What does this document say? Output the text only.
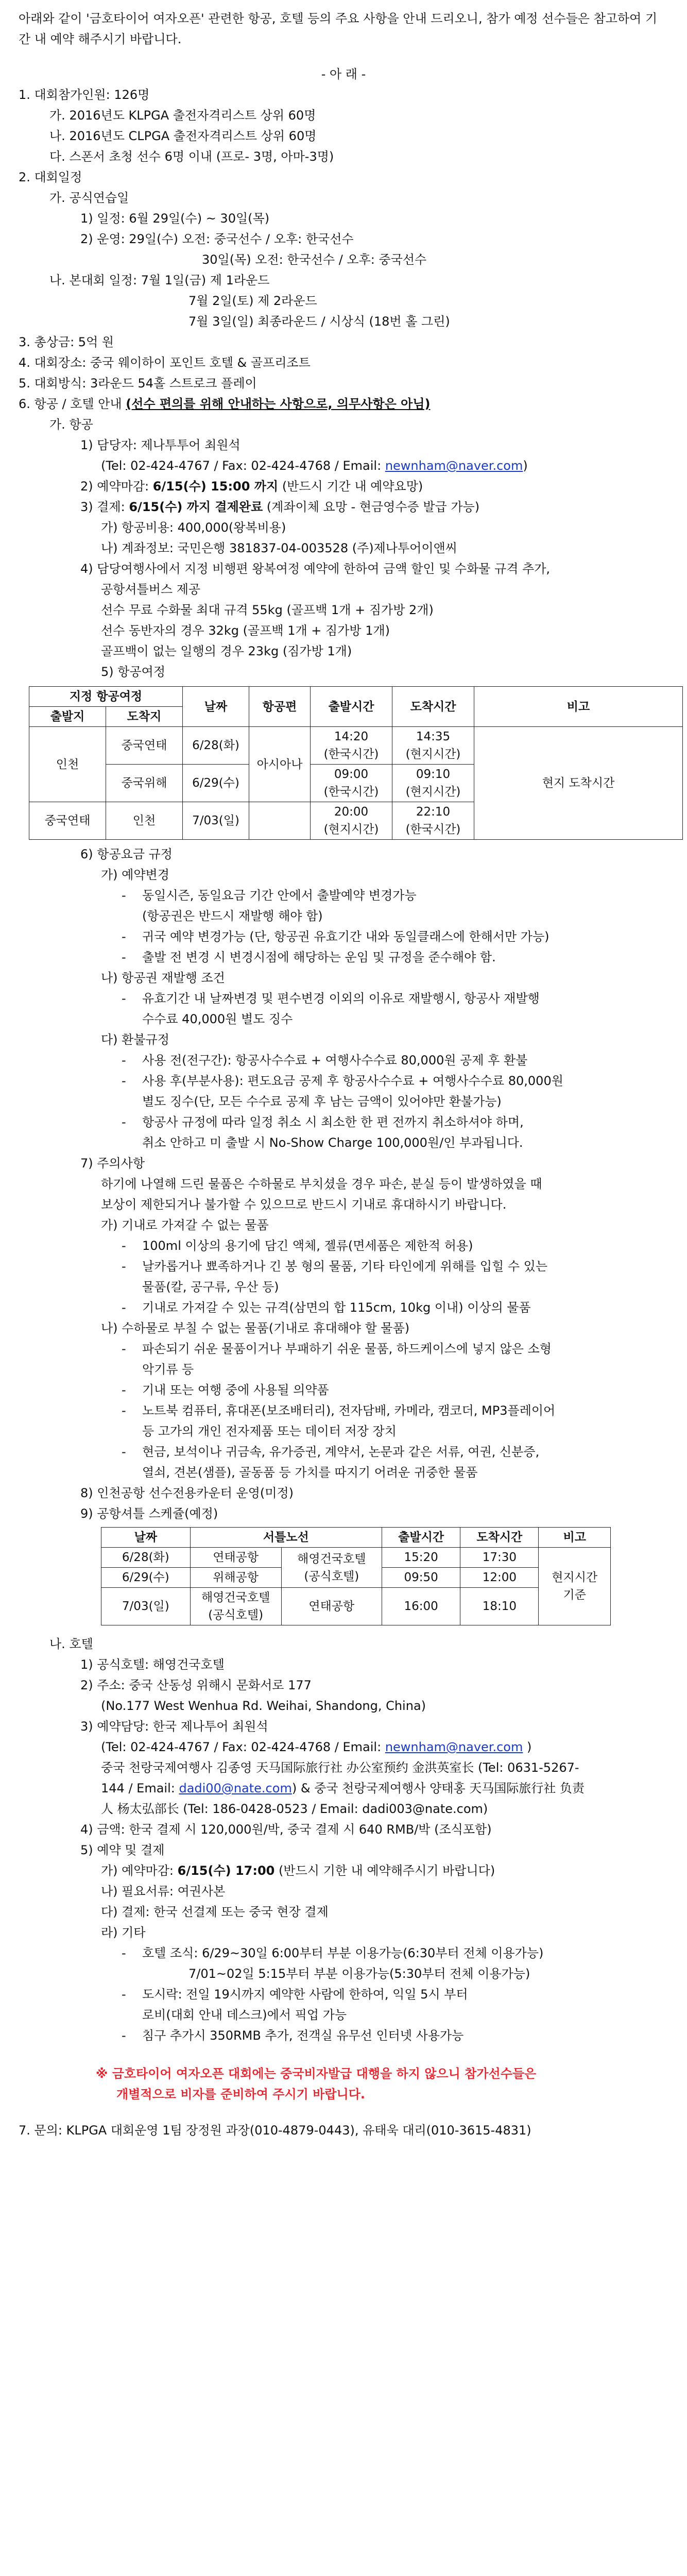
아래와 같이 '금호타이어 여자오픈' 관련한 항공, 호텔 등의 주요 사항을 안내 드리오니, 참가 예정 선수들은 참고하여 기간 내 예약 해주시기 바랍니다.

- 아 래 -

1. 대회참가인원: 126명

가. 2016년도 KLPGA 출전자격리스트 상위 60명

나. 2016년도 CLPGA 출전자격리스트 상위 60명

다. 스폰서 초청 선수 6명 이내 (프로- 3명, 아마-3명)

2. 대회일정

가. 공식연습일

1) 일정: 6월 29일(수) ~ 30일(목)

2) 운영: 29일(수) 오전: 중국선수 / 오후: 한국선수

30일(목) 오전: 한국선수 / 오후: 중국선수

나. 본대회 일정: 7월 1일(금) 제 1라운드

7월 2일(토) 제 2라운드

7월 3일(일) 최종라운드 / 시상식 (18번 홀 그린)

3. 총상금: 5억 원

4. 대회장소: 중국 웨이하이 포인트 호텔 & 골프리조트

5. 대회방식: 3라운드 54홀 스트로크 플레이

6. 항공 / 호텔 안내 (선수 편의를 위해 안내하는 사항으로, 의무사항은 아님)

가. 항공

1) 담당자: 제나투투어 최원석

(Tel: 02-424-4767 / Fax: 02-424-4768 / Email: newnham@naver.com)

2) 예약마감: 6/15(수) 15:00 까지 (반드시 기간 내 예약요망)

3) 결제: 6/15(수) 까지 결제완료 (계좌이체 요망 - 현금영수증 발급 가능)

가) 항공비용: 400,000(왕복비용)

나) 계좌정보: 국민은행 381837-04-003528 (주)제나투어이앤씨

4) 담당여행사에서 지정 비행편 왕복여정 예약에 한하여 금액 할인 및 수화물 규격 추가,

공항셔틀버스 제공

선수 무료 수화물 최대 규격 55kg (골프백 1개 + 짐가방 2개)

선수 동반자의 경우 32kg (골프백 1개 + 짐가방 1개)

골프백이 없는 일행의 경우 23kg (짐가방 1개)

5) 항공여정

지정 항공여정		날짜	항공편	출발시간	도착시간	비고
출발지	도착지					
인천	중국연태	6/28(화)	아시아나	14:20
(한국시간)	14:35
(현지시간)	현지 도착시간
	중국위해	6/29(수)		09:00
(한국시간)	09:10
(현지시간)	
중국연태	인천	7/03(일)		20:00
(현지시간)	22:10
(한국시간)	

6) 항공요금 규정

가) 예약변경

- 동일시즌, 동일요금 기간 안에서 출발예약 변경가능

(항공권은 반드시 재발행 해야 함)

- 귀국 예약 변경가능 (단, 항공권 유효기간 내와 동일클래스에 한해서만 가능)

- 출발 전 변경 시 변경시점에 해당하는 운임 및 규정을 준수해야 함.

나) 항공권 재발행 조건

- 유효기간 내 날짜변경 및 편수변경 이외의 이유로 재발행시, 항공사 재발행

수수료 40,000원 별도 징수

다) 환불규정

- 사용 전(전구간): 항공사수수료 + 여행사수수료 80,000원 공제 후 환불

- 사용 후(부분사용): 편도요금 공제 후 항공사수수료 + 여행사수수료 80,000원

별도 징수(단, 모든 수수료 공제 후 남는 금액이 있어야만 환불가능)

- 항공사 규정에 따라 일정 취소 시 최소한 한 편 전까지 취소하셔야 하며,

취소 안하고 미 출발 시 No-Show Charge 100,000원/인 부과됩니다.

7) 주의사항

하기에 나열해 드린 물품은 수하물로 부치셨을 경우 파손, 분실 등이 발생하였을 때

보상이 제한되거나 불가할 수 있으므로 반드시 기내로 휴대하시기 바랍니다.

가) 기내로 가져갈 수 없는 물품

- 100ml 이상의 용기에 담긴 액체, 젤류(면세품은 제한적 허용)

- 날카롭거나 뾰족하거나 긴 봉 형의 물품, 기타 타인에게 위해를 입힐 수 있는

물품(칼, 공구류, 우산 등)

- 기내로 가져갈 수 있는 규격(삼면의 합 115cm, 10kg 이내) 이상의 물품

나) 수하물로 부칠 수 없는 물품(기내로 휴대해야 할 물품)

- 파손되기 쉬운 물품이거나 부패하기 쉬운 물품, 하드케이스에 넣지 않은 소형

악기류 등

- 기내 또는 여행 중에 사용될 의약품

- 노트북 컴퓨터, 휴대폰(보조배터리), 전자담배, 카메라, 캠코더, MP3플레이어

등 고가의 개인 전자제품 또는 데이터 저장 장치

- 현금, 보석이나 귀금속, 유가증권, 계약서, 논문과 같은 서류, 여권, 신분증,

열쇠, 견본(샘플), 골동품 등 가치를 따지기 어려운 귀중한 물품

8) 인천공항 선수전용카운터 운영(미정)

9) 공항셔틀 스케쥴(예정)

날짜	서틀노선		출발시간	도착시간	비고
6/28(화)	연태공항	해영건국호텔
(공식호텔)	15:20	17:30	현지시간
기준
6/29(수)	위해공항		09:50	12:00	
7/03(일)	해영건국호텔
(공식호텔)	연태공항	16:00	18:10	

나. 호텔

1) 공식호텔: 해영건국호텔

2) 주소: 중국 산동성 위해시 문화서로 177

(No.177 West Wenhua Rd. Weihai, Shandong, China)

3) 예약담당: 한국 제나투어 최원석

(Tel: 02-424-4767 / Fax: 02-424-4768 / Email: newnham@naver.com )

중국 천랑국제여행사 김종영 天马国际旅行社 办公室预约 金洪英室长 (Tel: 0631-5267-

144 / Email: dadi00@nate.com) & 중국 천랑국제여행사 양태홍 天马国际旅行社 负责

人 杨太弘部长 (Tel: 186-0428-0523 / Email: dadi003@nate.com)

4) 금액: 한국 결제 시 120,000원/박, 중국 결제 시 640 RMB/박 (조식포함)

5) 예약 및 결제

가) 예약마감: 6/15(수) 17:00 (반드시 기한 내 예약해주시기 바랍니다)

나) 필요서류: 여권사본

다) 결제: 한국 선결제 또는 중국 현장 결제

라) 기타

- 호텔 조식: 6/29~30일 6:00부터 부분 이용가능(6:30부터 전체 이용가능)

7/01~02일 5:15부터 부분 이용가능(5:30부터 전체 이용가능)

- 도시락: 전일 19시까지 예약한 사람에 한하여, 익일 5시 부터

로비(대회 안내 데스크)에서 픽업 가능

- 침구 추가시 350RMB 추가, 전객실 유무선 인터넷 사용가능

※ 금호타이어 여자오픈 대회에는 중국비자발급 대행을 하지 않으니 참가선수들은

개별적으로 비자를 준비하여 주시기 바랍니다.

7. 문의: KLPGA 대회운영 1팀 장정원 과장(010-4879-0443), 유태욱 대리(010-3615-4831)
